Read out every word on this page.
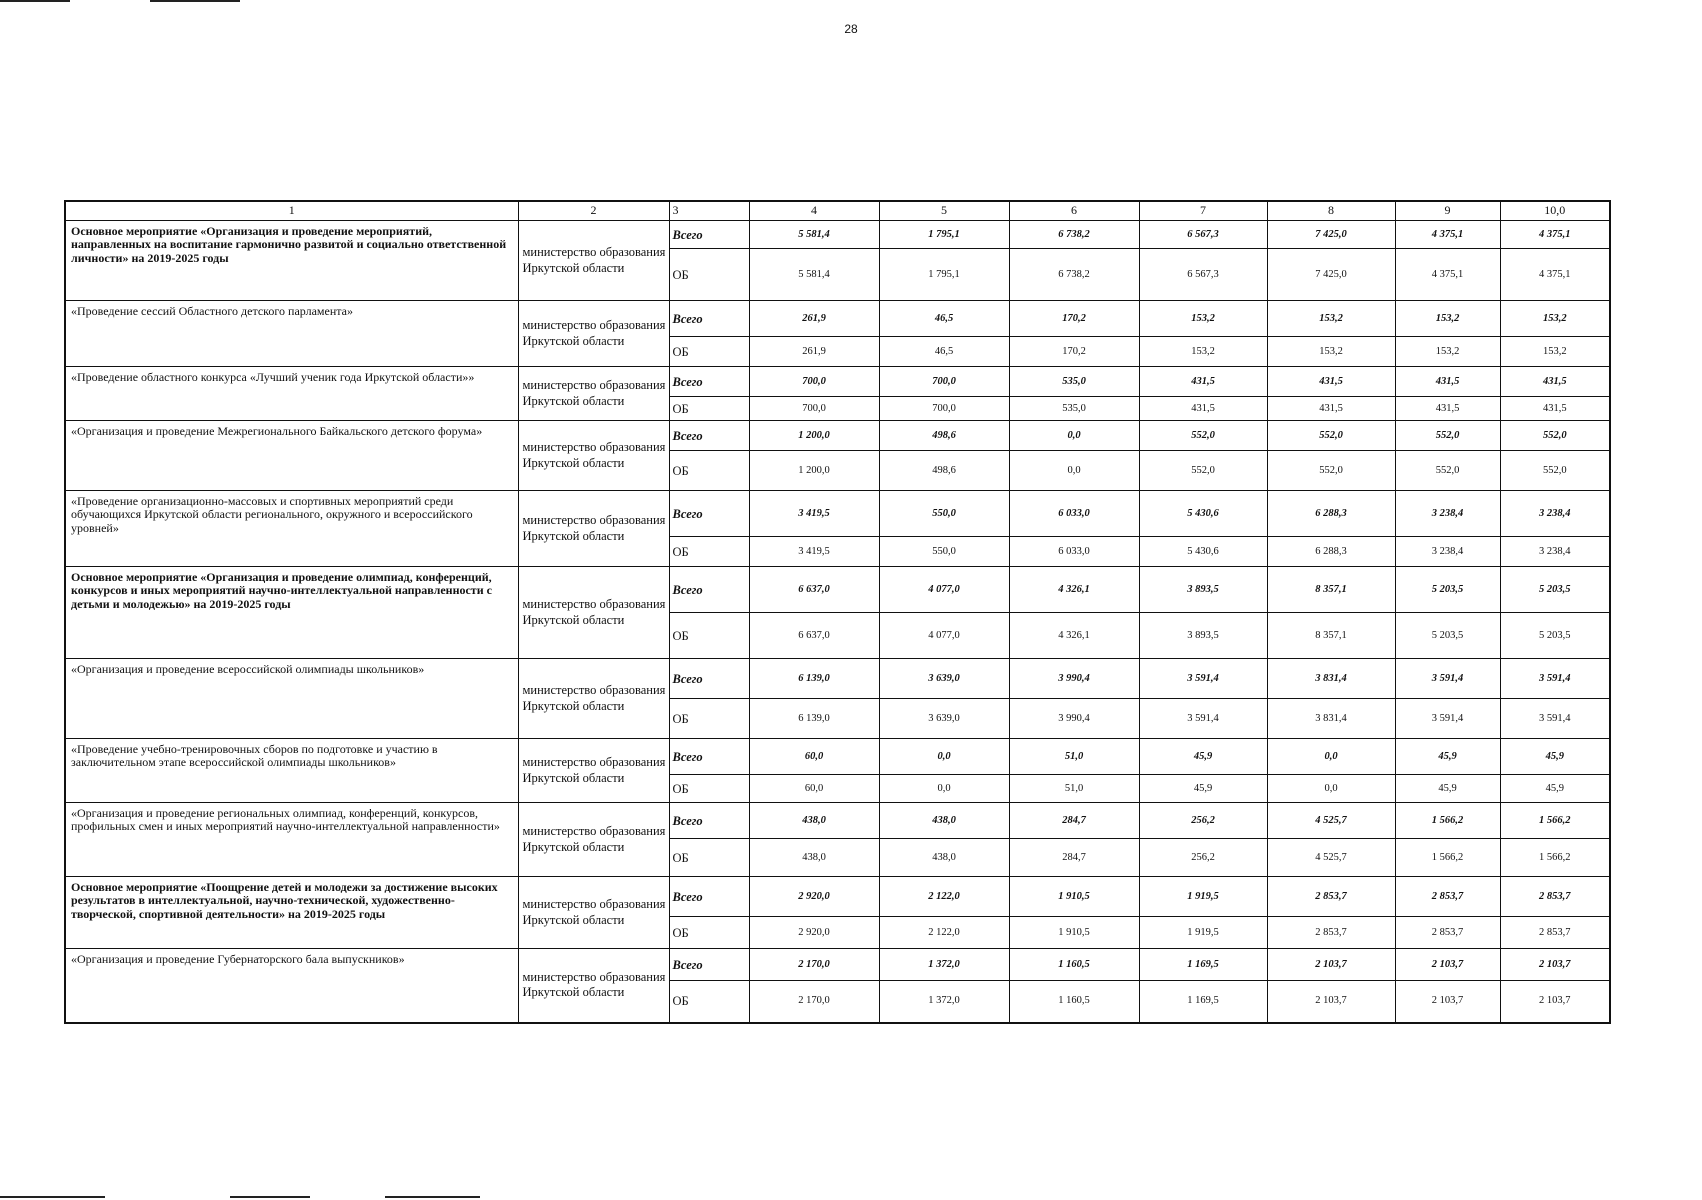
28
1	2	3	4	5	6	7	8	9	10,0
Основное мероприятие «Организация и проведение мероприятий, направленных на воспитание гармонично развитой и социально ответственной личности» на 2019-2025 годы	министерство образования Иркутской области	Всего	5 581,4	1 795,1	6 738,2	6 567,3	7 425,0	4 375,1	4 375,1
		ОБ	5 581,4	1 795,1	6 738,2	6 567,3	7 425,0	4 375,1	4 375,1
«Проведение сессий Областного детского парламента»	министерство образования Иркутской области	Всего	261,9	46,5	170,2	153,2	153,2	153,2	153,2
		ОБ	261,9	46,5	170,2	153,2	153,2	153,2	153,2
«Проведение областного конкурса «Лучший ученик года Иркутской области»»	министерство образования Иркутской области	Всего	700,0	700,0	535,0	431,5	431,5	431,5	431,5
		ОБ	700,0	700,0	535,0	431,5	431,5	431,5	431,5
«Организация и проведение Межрегионального Байкальского детского форума»	министерство образования Иркутской области	Всего	1 200,0	498,6	0,0	552,0	552,0	552,0	552,0
		ОБ	1 200,0	498,6	0,0	552,0	552,0	552,0	552,0
«Проведение организационно-массовых и спортивных мероприятий среди обучающихся Иркутской области регионального, окружного и всероссийского уровней»	министерство образования Иркутской области	Всего	3 419,5	550,0	6 033,0	5 430,6	6 288,3	3 238,4	3 238,4
		ОБ	3 419,5	550,0	6 033,0	5 430,6	6 288,3	3 238,4	3 238,4
Основное мероприятие «Организация и проведение олимпиад, конференций, конкурсов и иных мероприятий научно-интеллектуальной направленности с детьми и молодежью» на 2019-2025 годы	министерство образования Иркутской области	Всего	6 637,0	4 077,0	4 326,1	3 893,5	8 357,1	5 203,5	5 203,5
		ОБ	6 637,0	4 077,0	4 326,1	3 893,5	8 357,1	5 203,5	5 203,5
«Организация и проведение всероссийской олимпиады школьников»	министерство образования Иркутской области	Всего	6 139,0	3 639,0	3 990,4	3 591,4	3 831,4	3 591,4	3 591,4
		ОБ	6 139,0	3 639,0	3 990,4	3 591,4	3 831,4	3 591,4	3 591,4
«Проведение учебно-тренировочных сборов по подготовке и участию в заключительном этапе всероссийской олимпиады школьников»	министерство образования Иркутской области	Всего	60,0	0,0	51,0	45,9	0,0	45,9	45,9
		ОБ	60,0	0,0	51,0	45,9	0,0	45,9	45,9
«Организация и проведение региональных олимпиад, конференций, конкурсов, профильных смен и иных мероприятий научно-интеллектуальной направленности»	министерство образования Иркутской области	Всего	438,0	438,0	284,7	256,2	4 525,7	1 566,2	1 566,2
		ОБ	438,0	438,0	284,7	256,2	4 525,7	1 566,2	1 566,2
Основное мероприятие «Поощрение детей и молодежи за достижение высоких результатов в интеллектуальной, научно-технической, художественно-творческой, спортивной деятельности» на 2019-2025 годы	министерство образования Иркутской области	Всего	2 920,0	2 122,0	1 910,5	1 919,5	2 853,7	2 853,7	2 853,7
		ОБ	2 920,0	2 122,0	1 910,5	1 919,5	2 853,7	2 853,7	2 853,7
«Организация и проведение Губернаторского бала выпускников»	министерство образования Иркутской области	Всего	2 170,0	1 372,0	1 160,5	1 169,5	2 103,7	2 103,7	2 103,7
		ОБ	2 170,0	1 372,0	1 160,5	1 169,5	2 103,7	2 103,7	2 103,7
